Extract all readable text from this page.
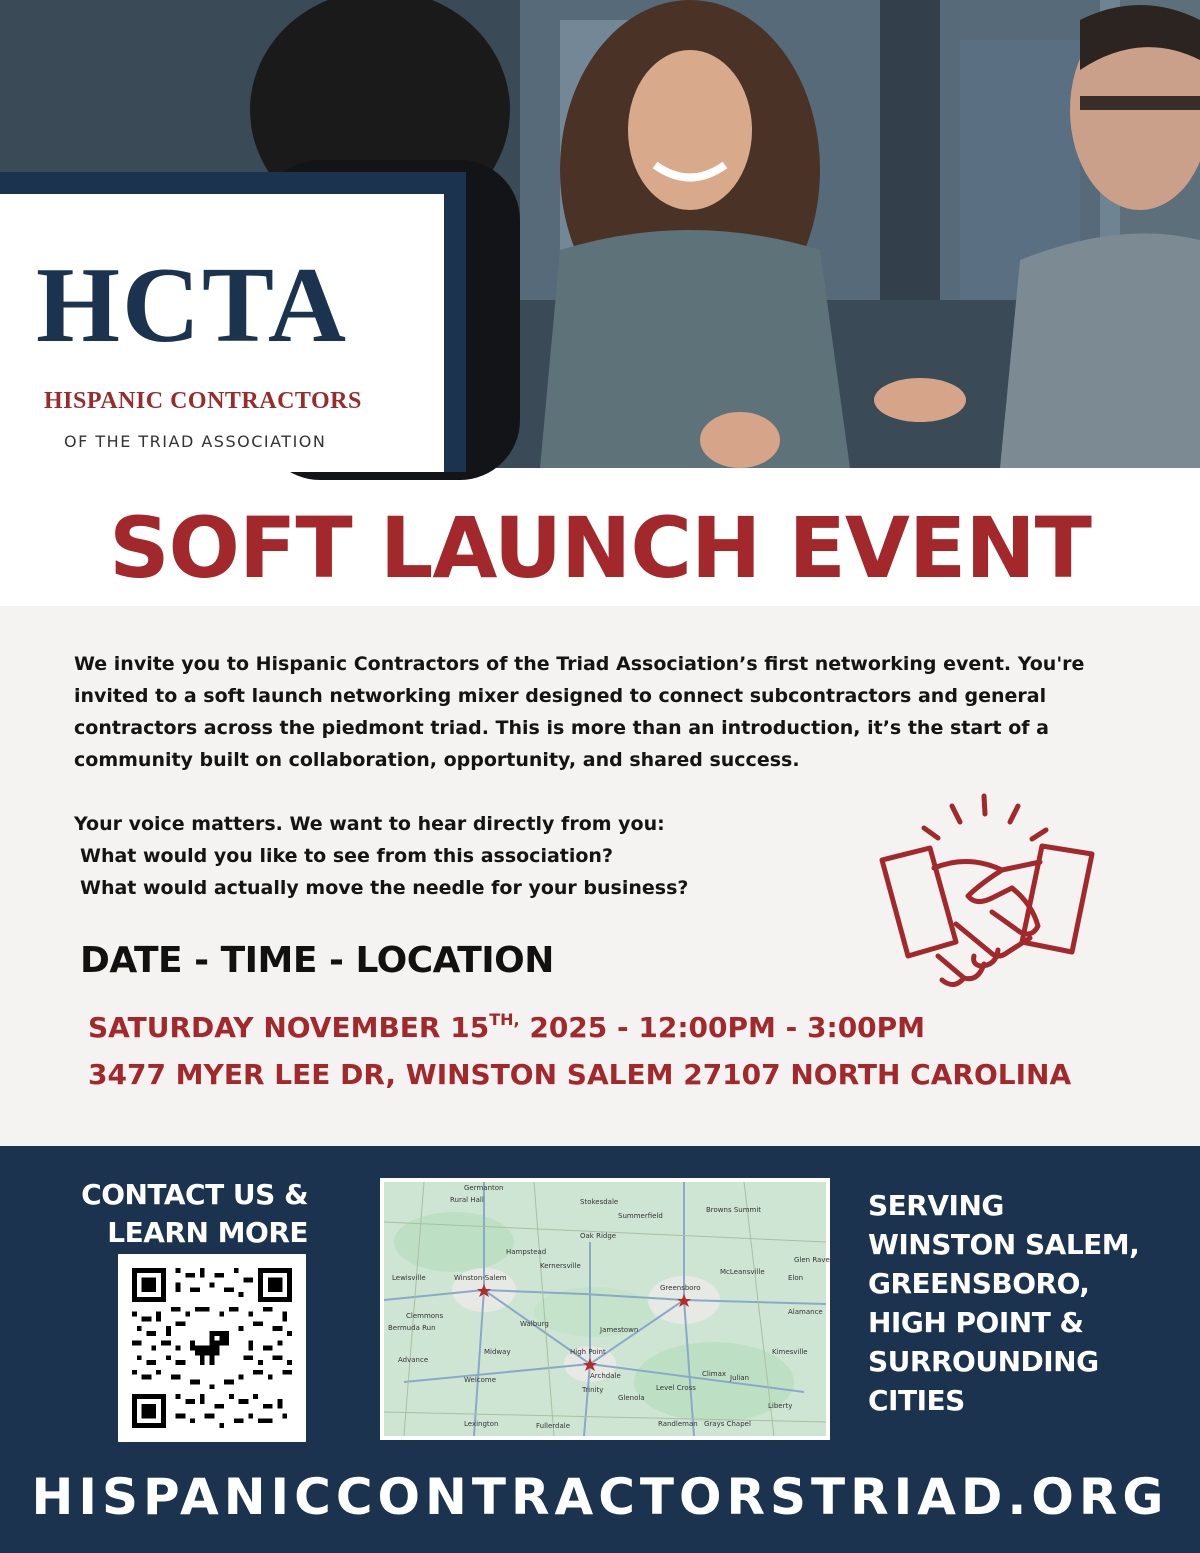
HCTA
HISPANIC CONTRACTORS
OF THE TRIAD ASSOCIATION
SOFT LAUNCH EVENT

We invite you to Hispanic Contractors of the Triad Association’s first networking event. You're invited to a soft launch networking mixer designed to connect subcontractors and general contractors across the piedmont triad. This is more than an introduction, it’s the start of a community built on collaboration, opportunity, and shared success.

Your voice matters. We want to hear directly from you:

What would you like to see from this association?

What would actually move the needle for your business?

DATE - TIME - LOCATION
SATURDAY NOVEMBER $15^{TH,}$ 2025 - 12:00PM - 3:00PM
3477 MYER LEE DR, WINSTON SALEM 27107 NORTH CAROLINA
CONTACT US &
LEARN MORE
Germanton
Rural Hall	Stokesdale
Browns Summit
Summerfield
Oak Ridge
Hampstead
Kernersville
Winston-Salem
Lewisville
Greensboro
McLeansville
Glen Raven
Elon
Clemmons
Bermuda Run	Walburg
Jamestown
Alamance
Advance
Midway	High Point	Kimesville
Welcome	Archdale	Climax Julian
Trinity	Level Cross
Glenola
Liberty
Lexington	Fullerdale	Randleman Grays Chapel
SERVING
WINSTON SALEM,
GREENSBORO,
HIGH POINT &
SURROUNDING
CITIES
HISPANICCONTRACTORSTRIAD.ORG
